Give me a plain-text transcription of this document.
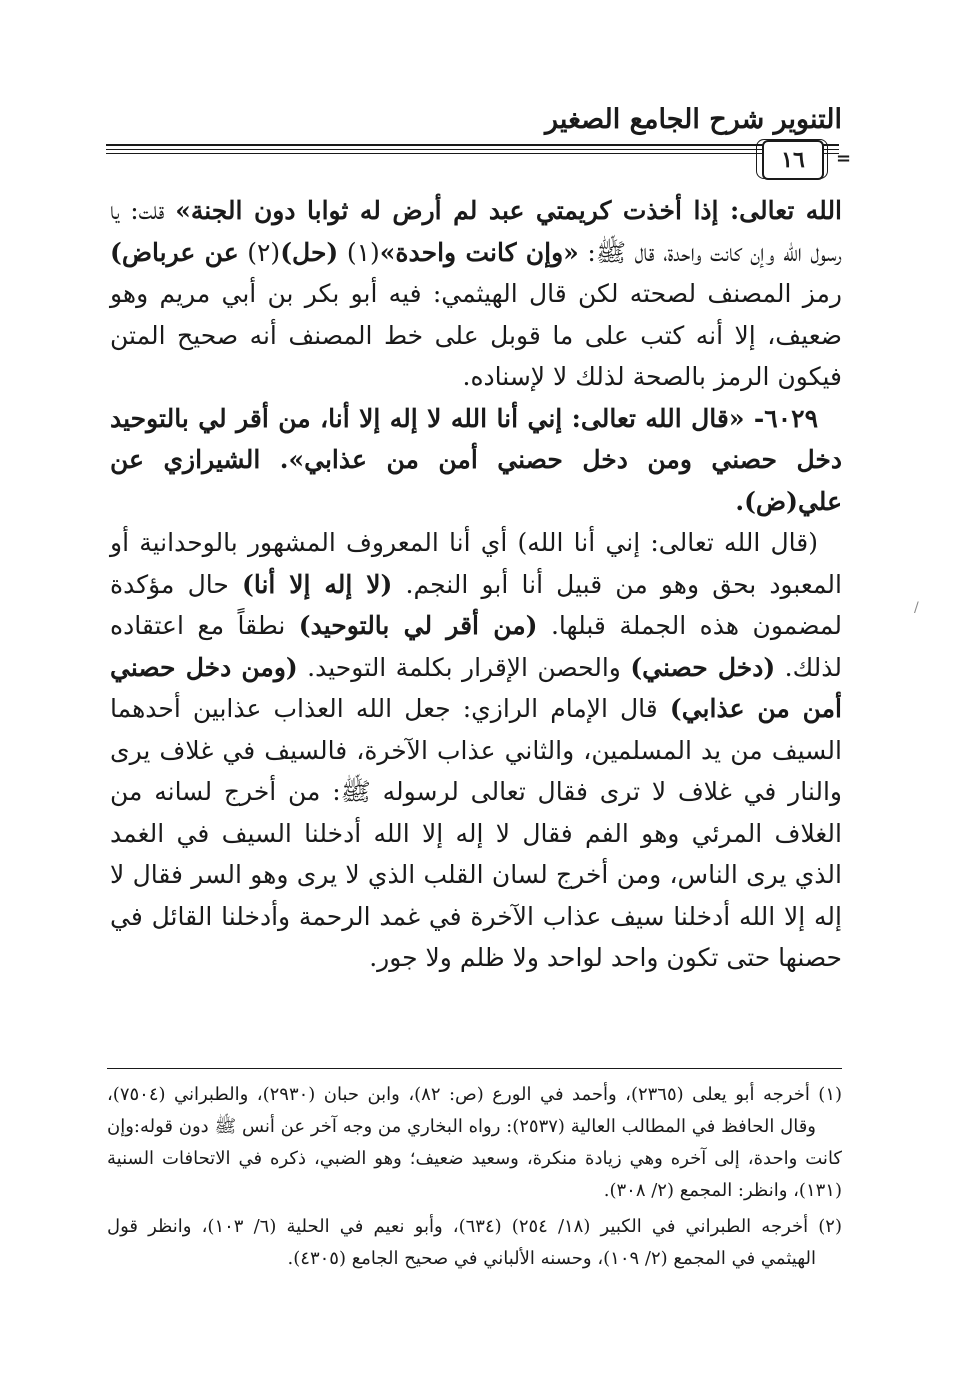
التنوير شرح الجامع الصغير
١٦ =

الله تعالى: إذا أخذت كريمتي عبد لم أرض له ثوابا دون الجنة» قلت: يا رسول الله وإن كانت واحدة، قال ﷺ: «وإن كانت واحدة»(١) (حل)(٢) عن عرباض) رمز المصنف لصحته لكن قال الهيثمي: فيه أبو بكر بن أبي مريم وهو ضعيف، إلا أنه كتب على ما قوبل على خط المصنف أنه صحيح المتن فيكون الرمز بالصحة لذلك لا لإسناده.

٦٠٢٩- «قال الله تعالى: إني أنا الله لا إله إلا أنا، من أقر لي بالتوحيد دخل حصني ومن دخل حصني أمن من عذابي». الشيرازي عن علي(ض).

(قال الله تعالى: إني أنا الله) أي أنا المعروف المشهور بالوحدانية أو المعبود بحق وهو من قبيل أنا أبو النجم. (لا إله إلا أنا) حال مؤكدة لمضمون هذه الجملة قبلها. (من أقر لي بالتوحيد) نطقاً مع اعتقاده لذلك. (دخل حصني) والحصن الإقرار بكلمة التوحيد. (ومن دخل حصني أمن من عذابي) قال الإمام الرازي: جعل الله العذاب عذابين أحدهما السيف من يد المسلمين، والثاني عذاب الآخرة، فالسيف في غلاف يرى والنار في غلاف لا ترى فقال تعالى لرسوله ﷺ: من أخرج لسانه من الغلاف المرئي وهو الفم فقال لا إله إلا الله أدخلنا السيف في الغمد الذي يرى الناس، ومن أخرج لسان القلب الذي لا يرى وهو السر فقال لا إله إلا الله أدخلنا سيف عذاب الآخرة في غمد الرحمة وأدخلنا القائل في حصنها حتى تكون واحد لواحد ولا ظلم ولا جور.

(١) أخرجه أبو يعلى (٢٣٦٥)، وأحمد في الورع (ص: ٨٢)، وابن حبان (٢٩٣٠)، والطبراني (٧٥٠٤)، وقال الحافظ في المطالب العالية (٢٥٣٧): رواه البخاري من وجه آخر عن أنس ﷺ دون قوله:وإن كانت واحدة، إلى آخره وهي زيادة منكرة، وسعيد ضعيف؛ وهو الضبي، ذكره في الاتحافات السنية (١٣١)، وانظر: المجمع (٢/ ٣٠٨).

(٢) أخرجه الطبراني في الكبير (١٨/ ٢٥٤) (٦٣٤)، وأبو نعيم في الحلية (٦/ ١٠٣)، وانظر قول الهيثمي في المجمع (٢/ ١٠٩)، وحسنه الألباني في صحيح الجامع (٤٣٠٥).

/
